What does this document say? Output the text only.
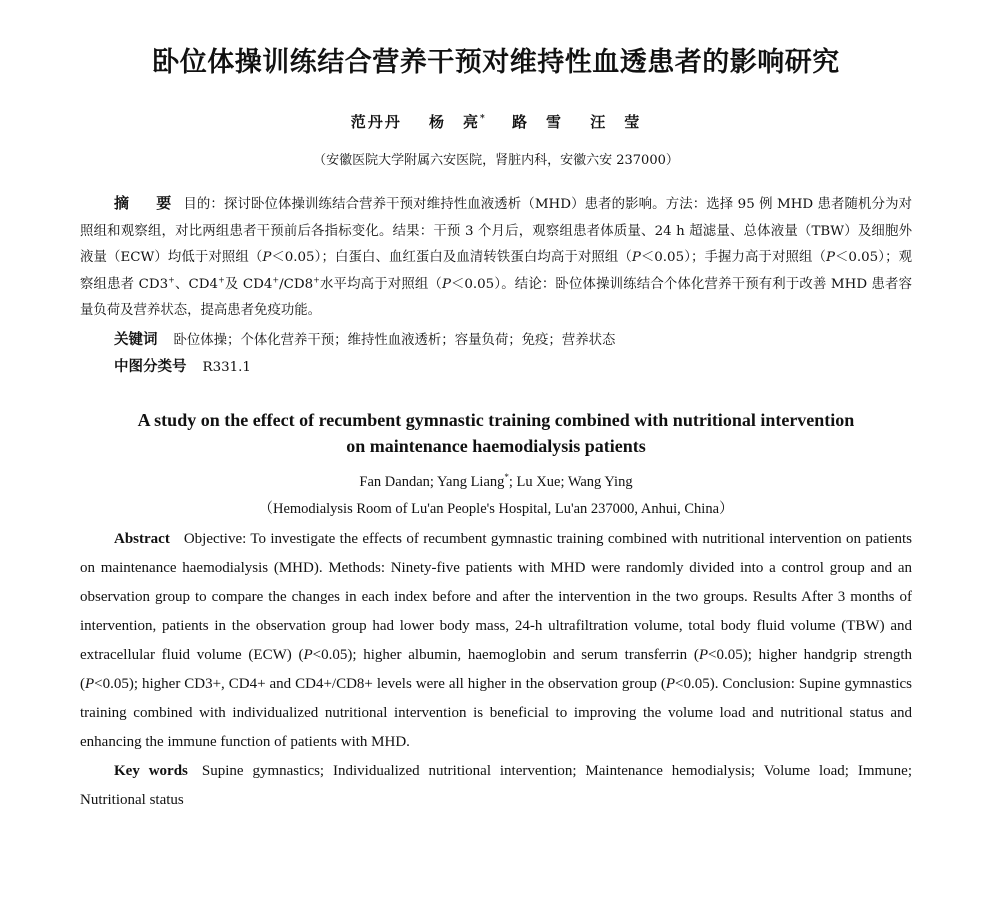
卧位体操训练结合营养干预对维持性血透患者的影响研究
范丹丹 杨　亮* 路　雪 汪　莹
（安徽医院大学附属六安医院，肾脏内科，安徽六安 237000）
摘　要 目的：探讨卧位体操训练结合营养干预对维持性血液透析（MHD）患者的影响。方法：选择 95 例 MHD 患者随机分为对照组和观察组，对比两组患者干预前后各指标变化。结果：干预 3 个月后，观察组患者体质量、24 h 超滤量、总体液量（TBW）及细胞外液量（ECW）均低于对照组（P＜0.05）；白蛋白、血红蛋白及血清转铁蛋白均高于对照组（P＜0.05）；手握力高于对照组（P＜0.05）；观察组患者 CD3+、CD4+及 CD4+/CD8+水平均高于对照组（P＜0.05）。结论：卧位体操训练结合个体化营养干预有利于改善 MHD 患者容量负荷及营养状态，提高患者免疫功能。
关键词 卧位体操；个体化营养干预；维持性血液透析；容量负荷；免疫；营养状态
中图分类号 R331.1
A study on the effect of recumbent gymnastic training combined with nutritional intervention
on maintenance haemodialysis patients
Fan Dandan; Yang Liang*; Lu Xue; Wang Ying
（Hemodialysis Room of Lu'an People's Hospital, Lu'an 237000, Anhui, China）
Abstract Objective: To investigate the effects of recumbent gymnastic training combined with nutritional intervention on patients on maintenance haemodialysis (MHD). Methods: Ninety-five patients with MHD were randomly divided into a control group and an observation group to compare the changes in each index before and after the intervention in the two groups. Results After 3 months of intervention, patients in the observation group had lower body mass, 24-h ultrafiltration volume, total body fluid volume (TBW) and extracellular fluid volume (ECW) (P<0.05); higher albumin, haemoglobin and serum transferrin (P<0.05); higher handgrip strength (P<0.05); higher CD3+, CD4+ and CD4+/CD8+ levels were all higher in the observation group (P<0.05). Conclusion: Supine gymnastics training combined with individualized nutritional intervention is beneficial to improving the volume load and nutritional status and enhancing the immune function of patients with MHD.
Key words Supine gymnastics; Individualized nutritional intervention; Maintenance hemodialysis; Volume load; Immune; Nutritional status
